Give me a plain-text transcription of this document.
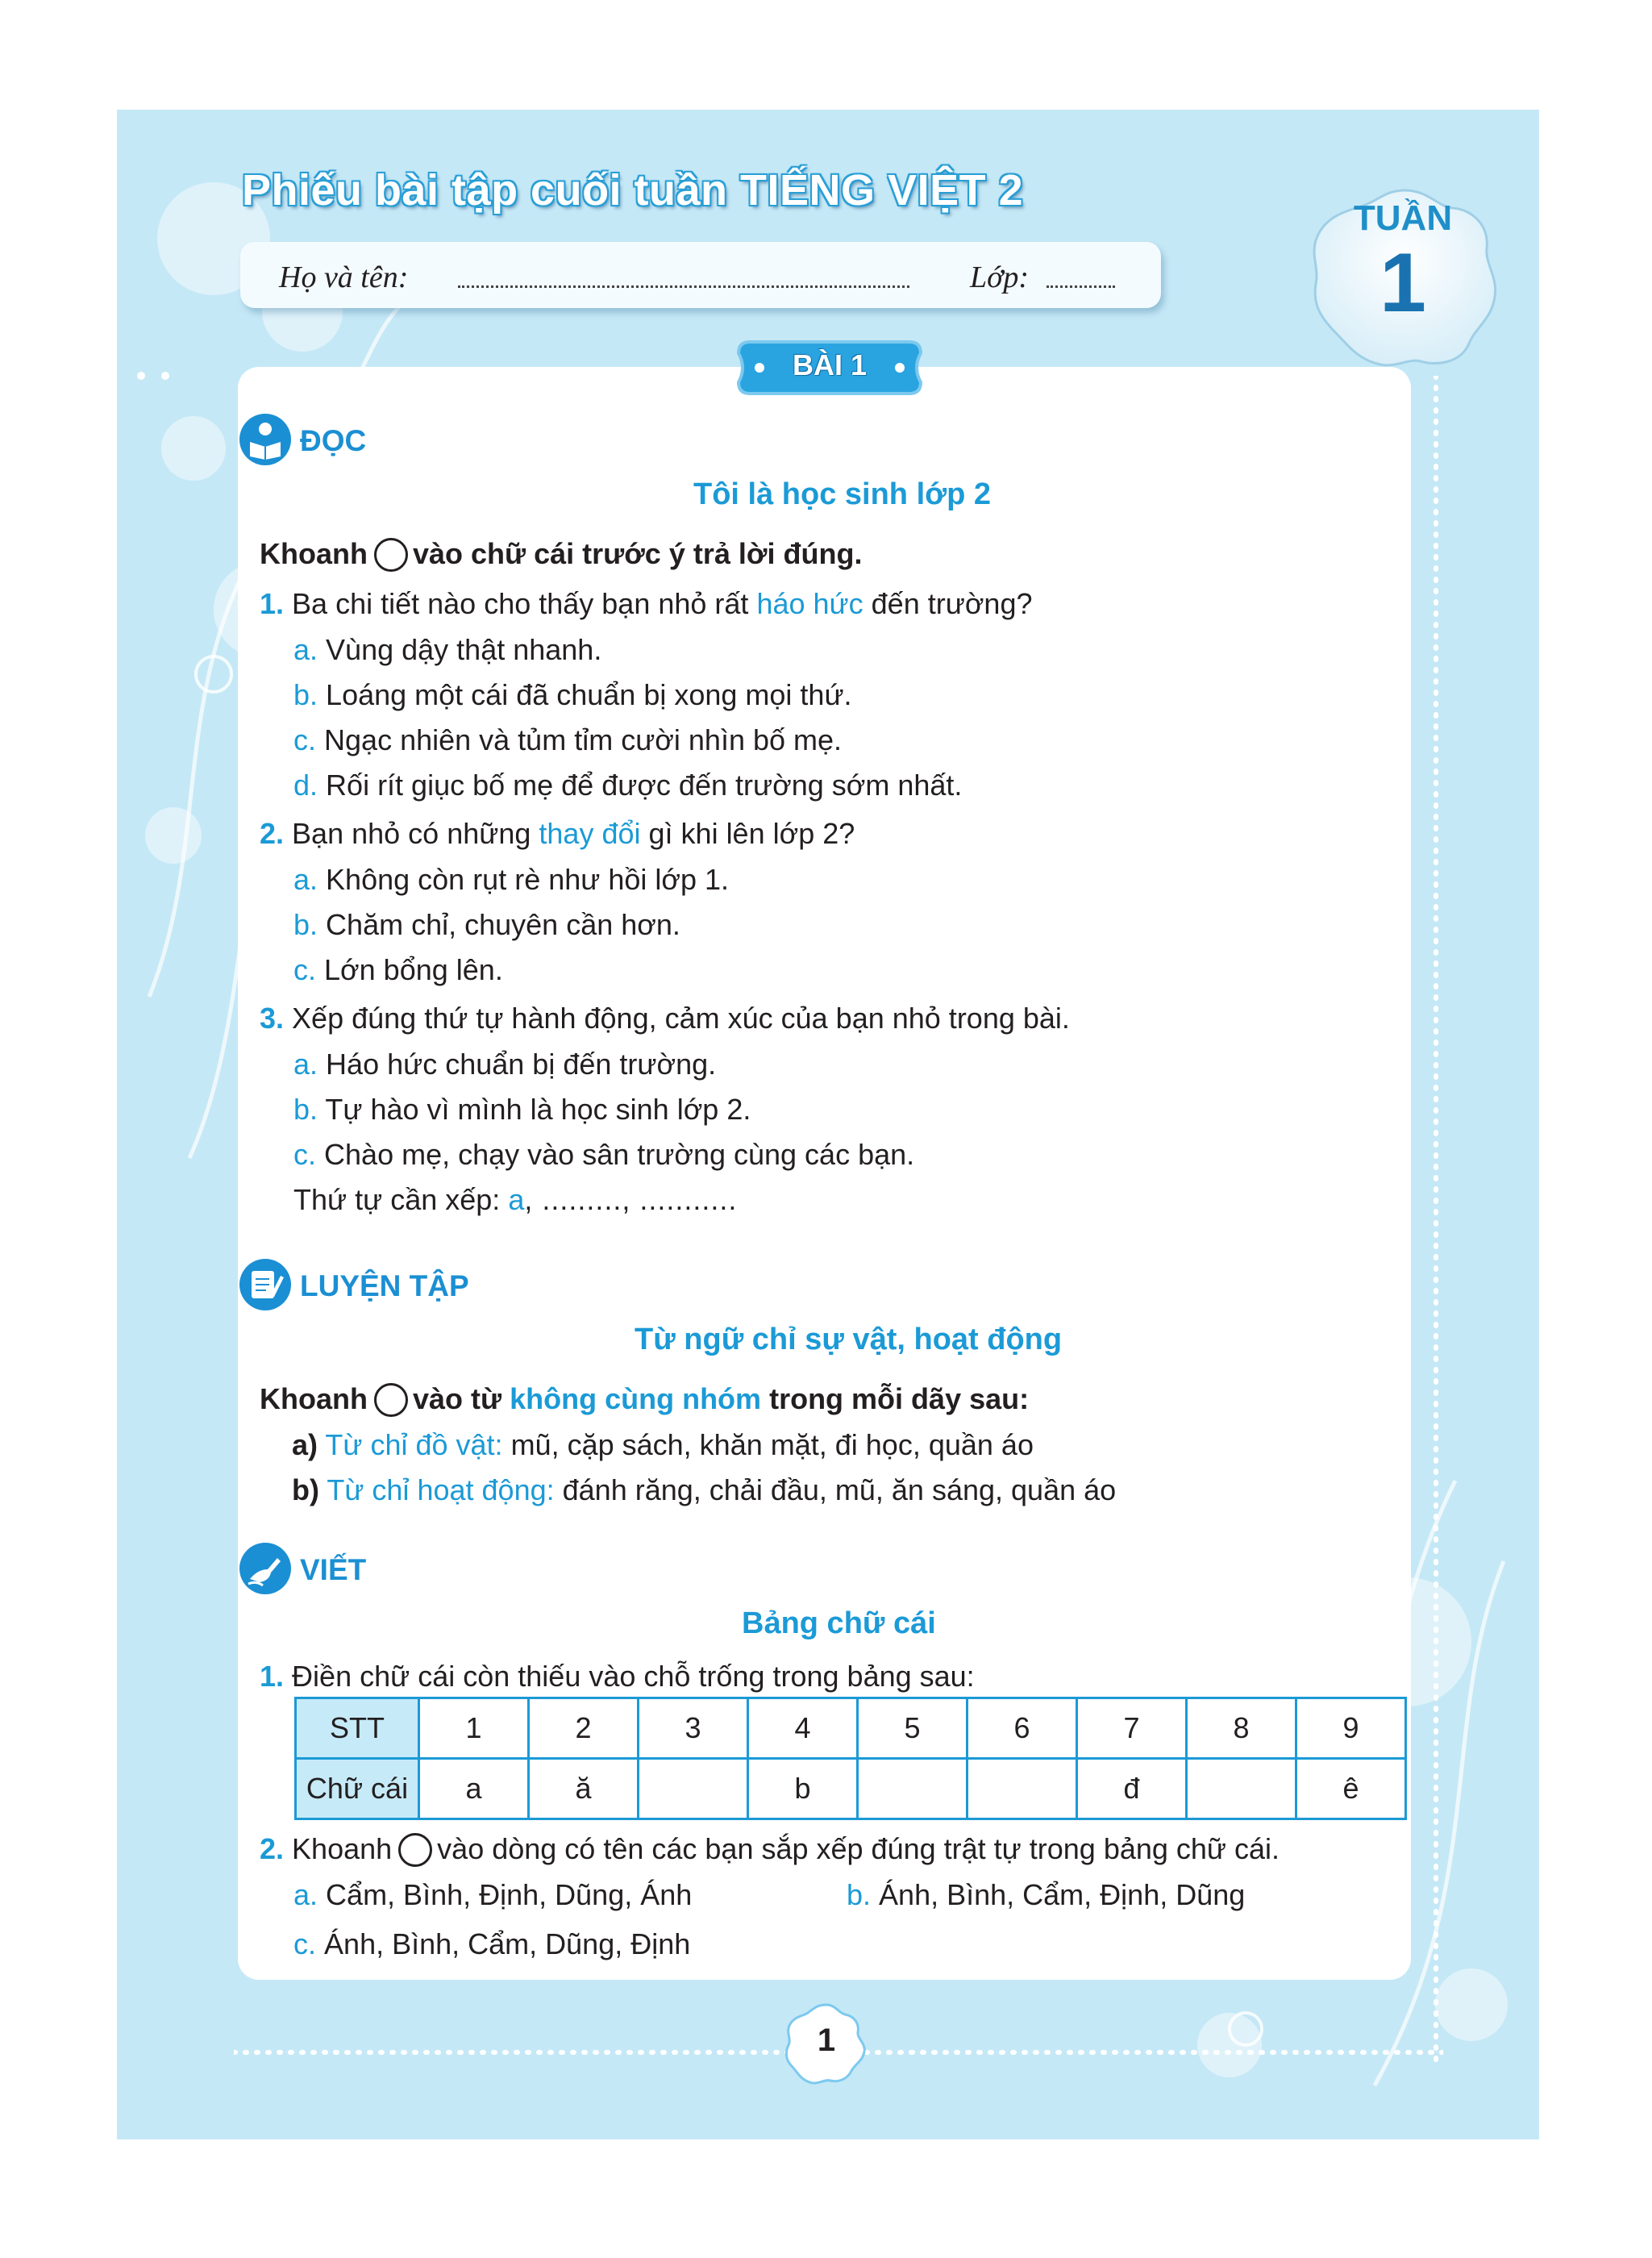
Phiếu bài tập cuối tuần TIẾNG VIỆT 2
Họ và tên:	Lớp:
TUẦN
1
BÀI 1
ĐỌC
Tôi là học sinh lớp 2
Khoanh vào chữ cái trước ý trả lời đúng.
1. Ba chi tiết nào cho thấy bạn nhỏ rất háo hức đến trường?
a. Vùng dậy thật nhanh.
b. Loáng một cái đã chuẩn bị xong mọi thứ.
c. Ngạc nhiên và tủm tỉm cười nhìn bố mẹ.
d. Rối rít giục bố mẹ để được đến trường sớm nhất.
2. Bạn nhỏ có những thay đổi gì khi lên lớp 2?
a. Không còn rụt rè như hồi lớp 1.
b. Chăm chỉ, chuyên cần hơn.
c. Lớn bổng lên.
3. Xếp đúng thứ tự hành động, cảm xúc của bạn nhỏ trong bài.
a. Háo hức chuẩn bị đến trường.
b. Tự hào vì mình là học sinh lớp 2.
c. Chào mẹ, chạy vào sân trường cùng các bạn.
Thứ tự cần xếp: a, ........., ...........
LUYỆN TẬP
Từ ngữ chỉ sự vật, hoạt động
Khoanh vào từ không cùng nhóm trong mỗi dãy sau:
a) Từ chỉ đồ vật: mũ, cặp sách, khăn mặt, đi học, quần áo
b) Từ chỉ hoạt động: đánh răng, chải đầu, mũ, ăn sáng, quần áo
VIẾT
Bảng chữ cái
1. Điền chữ cái còn thiếu vào chỗ trống trong bảng sau:
STT	1	2	3	4	5	6	7	8	9
Chữ cái	a	ă		b			đ		ê
2. Khoanh vào dòng có tên các bạn sắp xếp đúng trật tự trong bảng chữ cái.
a. Cẩm, Bình, Định, Dũng, Ánh	b. Ánh, Bình, Cẩm, Định, Dũng
c. Ánh, Bình, Cẩm, Dũng, Định
1
